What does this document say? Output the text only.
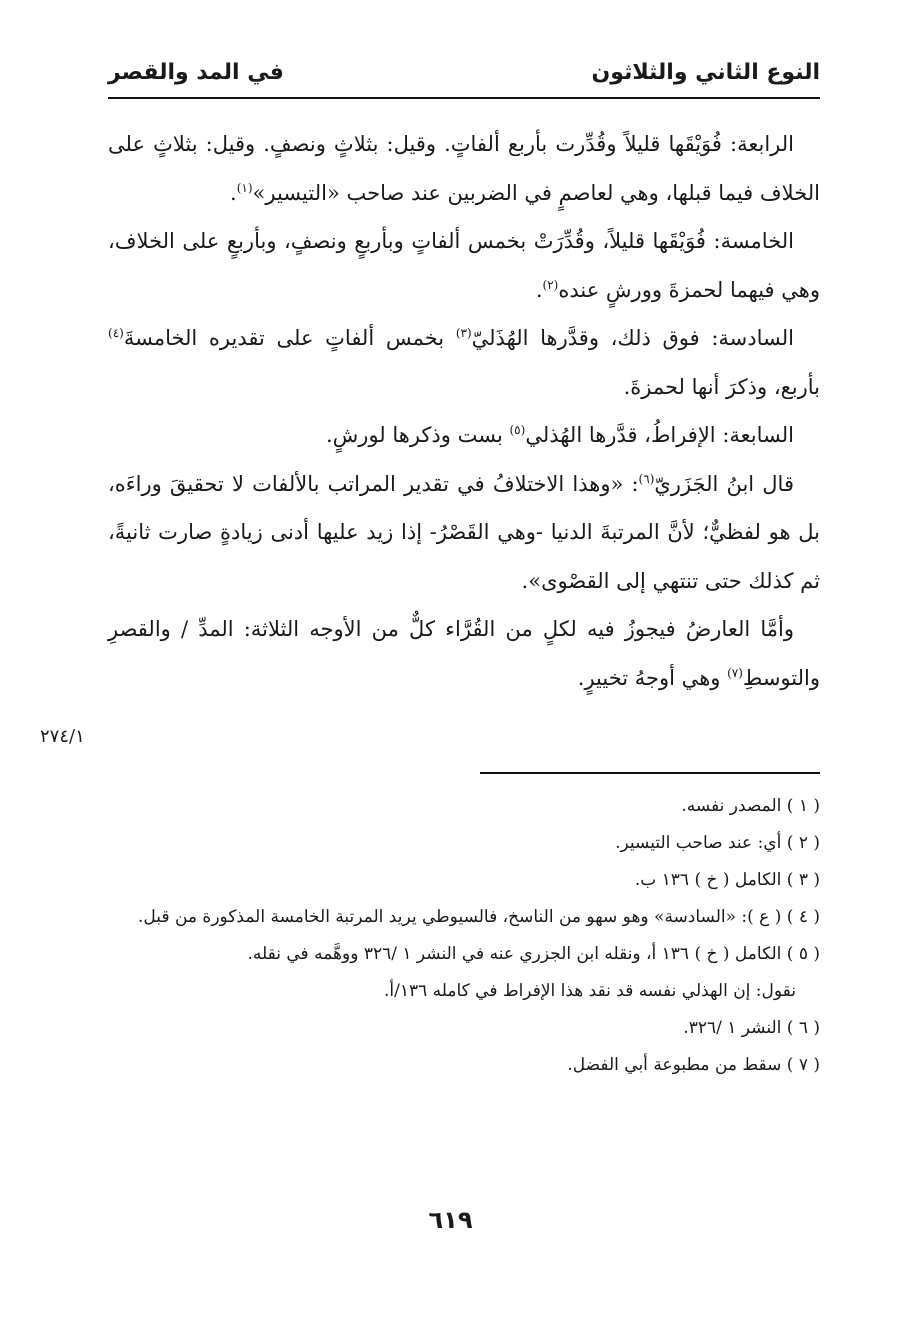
النوع الثاني والثلاثون
في المد والقصر

الرابعة: فُوَيْقَها قليلاً وقُدِّرت بأربع ألفاتٍ. وقيل: بثلاثٍ ونصفٍ. وقيل: بثلاثٍ على الخلاف فيما قبلها، وهي لعاصمٍ في الضربين عند صاحب «التيسير»$^{(١)}$.

الخامسة: فُوَيْقَها قليلاً، وقُدِّرَتْ بخمس ألفاتٍ وبأربعٍ ونصفٍ، وبأربعٍ على الخلاف، وهي فيهما لحمزةَ وورشٍ عنده$^{(٢)}$.

السادسة: فوق ذلك، وقدَّرها الهُذَليّ$^{(٣)}$ بخمس ألفاتٍ على تقديره الخامسةَ$^{(٤)}$ بأربع، وذكرَ أنها لحمزةَ.

السابعة: الإفراطُ، قدَّرها الهُذلي$^{(٥)}$ بست وذكرها لورشٍ.

قال ابنُ الجَزَريّ$^{(٦)}$: «وهذا الاختلافُ في تقدير المراتب بالألفات لا تحقيقَ وراءَه، بل هو لفظيٌّ؛ لأنَّ المرتبةَ الدنيا -وهي القَصْرُ- إذا زيد عليها أدنى زيادةٍ صارت ثانيةً، ثم كذلك حتى تنتهي إلى القصْوى».

وأمَّا العارضُ فيجوزُ فيه لكلٍ من القُرَّاء كلٌّ من الأوجه الثلاثة: المدِّ / والقصرِ والتوسطِ$^{(٧)}$ وهي أوجهُ تخييرٍ.

٢٧٤/١

( ١ ) المصدر نفسه.

( ٢ ) أي: عند صاحب التيسير.

( ٣ ) الكامل ( خ ) ١٣٦ ب.

( ٤ ) ( ع ): «السادسة» وهو سهو من الناسخ، فالسيوطي يريد المرتبة الخامسة المذكورة من قبل.

( ٥ ) الكامل ( خ ) ١٣٦ أ، ونقله ابن الجزري عنه في النشر ١ /٣٢٦ ووهَّمه في نقله.

نقول: إن الهذلي نفسه قد نقد هذا الإفراط في كامله ١٣٦/أ.

( ٦ ) النشر ١ /٣٢٦.

( ٧ ) سقط من مطبوعة أبي الفضل.

٦١٩
